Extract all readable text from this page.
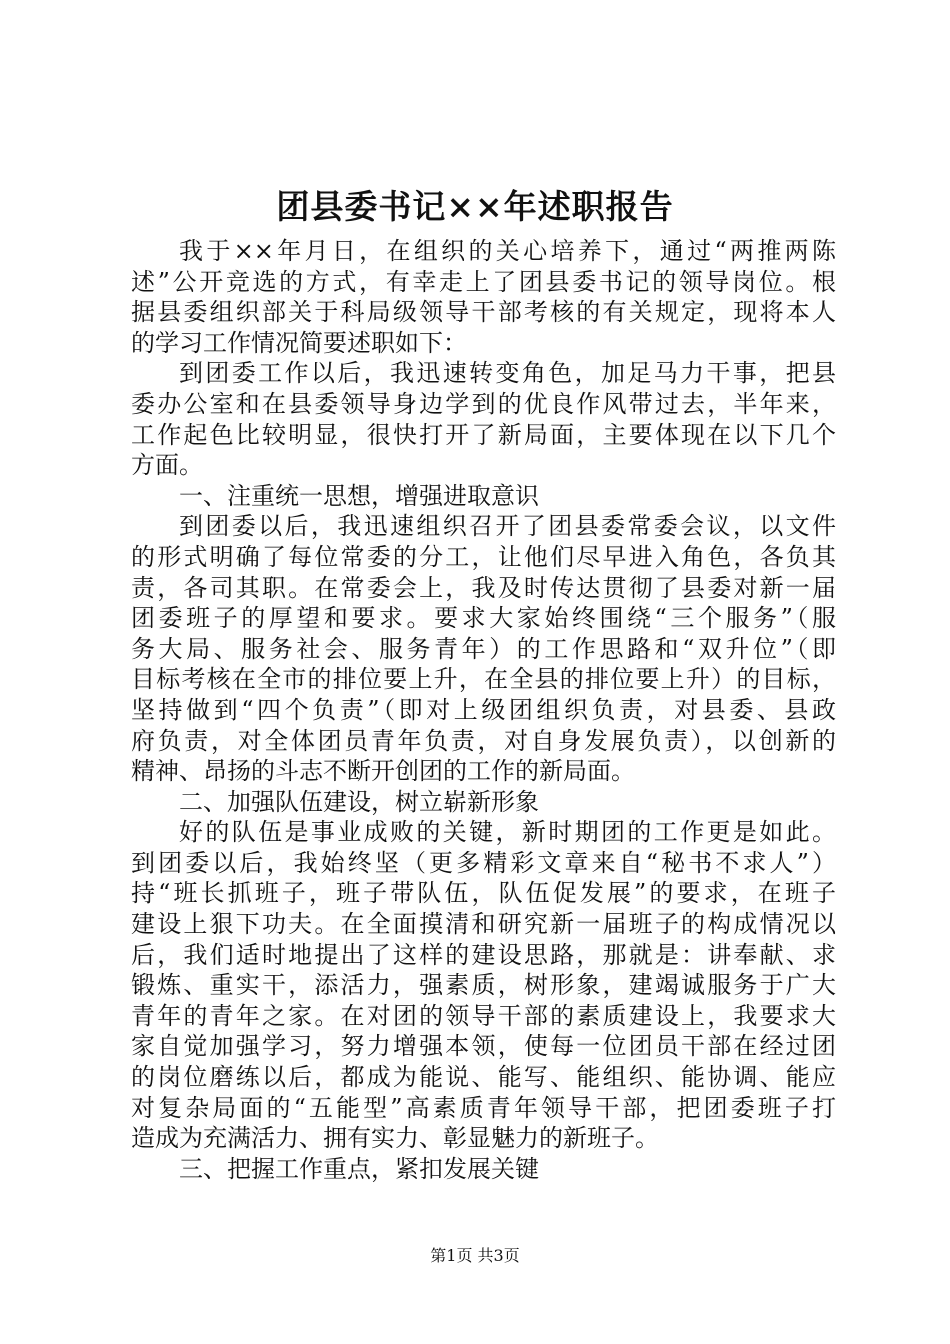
团县委书记××年述职报告
我于××年月日，在组织的关心培养下，通过“两推两陈
述”公开竞选的方式，有幸走上了团县委书记的领导岗位。根
据县委组织部关于科局级领导干部考核的有关规定，现将本人
的学习工作情况简要述职如下：
到团委工作以后，我迅速转变角色，加足马力干事，把县
委办公室和在县委领导身边学到的优良作风带过去，半年来，
工作起色比较明显，很快打开了新局面，主要体现在以下几个
方面。
一、注重统一思想，增强进取意识
到团委以后，我迅速组织召开了团县委常委会议，以文件
的形式明确了每位常委的分工，让他们尽早进入角色，各负其
责，各司其职。在常委会上，我及时传达贯彻了县委对新一届
团委班子的厚望和要求。要求大家始终围绕“三个服务”（服
务大局、服务社会、服务青年）的工作思路和“双升位”（即
目标考核在全市的排位要上升，在全县的排位要上升）的目标，
坚持做到“四个负责”（即对上级团组织负责，对县委、县政
府负责，对全体团员青年负责，对自身发展负责），以创新的
精神、昂扬的斗志不断开创团的工作的新局面。
二、加强队伍建设，树立崭新形象
好的队伍是事业成败的关键，新时期团的工作更是如此。
到团委以后，我始终坚（更多精彩文章来自“秘书不求人”）
持“班长抓班子，班子带队伍，队伍促发展”的要求，在班子
建设上狠下功夫。在全面摸清和研究新一届班子的构成情况以
后，我们适时地提出了这样的建设思路，那就是：讲奉献、求
锻炼、重实干，添活力，强素质，树形象，建竭诚服务于广大
青年的青年之家。在对团的领导干部的素质建设上，我要求大
家自觉加强学习，努力增强本领，使每一位团员干部在经过团
的岗位磨练以后，都成为能说、能写、能组织、能协调、能应
对复杂局面的“五能型”高素质青年领导干部，把团委班子打
造成为充满活力、拥有实力、彰显魅力的新班子。
三、把握工作重点，紧扣发展关键
第1页 共3页
